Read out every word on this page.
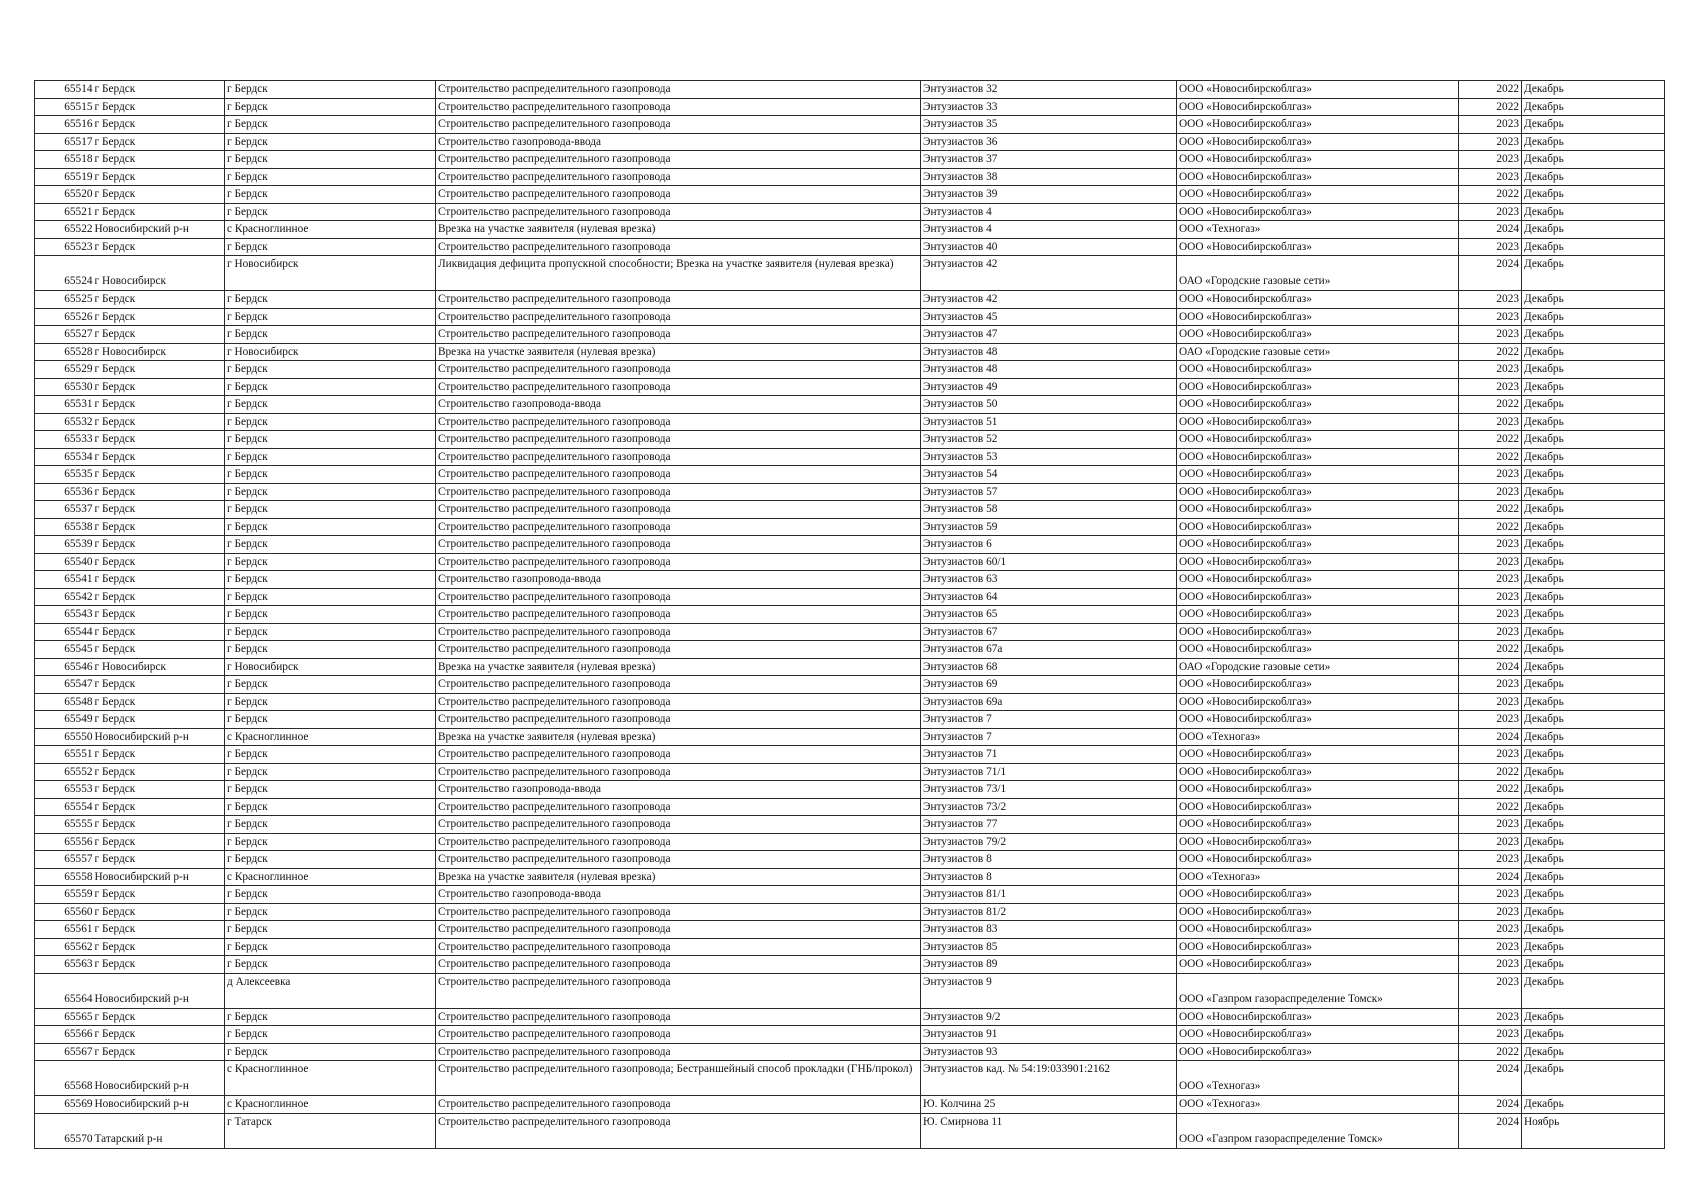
65514	г Бердск	г Бердск	Строительство распределительного газопровода	Энтузиастов 32	ООО «Новосибирскоблгаз»	2022	Декабрь
65515	г Бердск	г Бердск	Строительство распределительного газопровода	Энтузиастов 33	ООО «Новосибирскоблгаз»	2022	Декабрь
65516	г Бердск	г Бердск	Строительство распределительного газопровода	Энтузиастов 35	ООО «Новосибирскоблгаз»	2023	Декабрь
65517	г Бердск	г Бердск	Строительство газопровода-ввода	Энтузиастов 36	ООО «Новосибирскоблгаз»	2023	Декабрь
65518	г Бердск	г Бердск	Строительство распределительного газопровода	Энтузиастов 37	ООО «Новосибирскоблгаз»	2023	Декабрь
65519	г Бердск	г Бердск	Строительство распределительного газопровода	Энтузиастов 38	ООО «Новосибирскоблгаз»	2023	Декабрь
65520	г Бердск	г Бердск	Строительство распределительного газопровода	Энтузиастов 39	ООО «Новосибирскоблгаз»	2022	Декабрь
65521	г Бердск	г Бердск	Строительство распределительного газопровода	Энтузиастов 4	ООО «Новосибирскоблгаз»	2023	Декабрь
65522	Новосибирский р-н	с Красноглинное	Врезка на участке заявителя (нулевая врезка)	Энтузиастов 4	ООО «Техногаз»	2024	Декабрь
65523	г Бердск	г Бердск	Строительство распределительного газопровода	Энтузиастов 40	ООО «Новосибирскоблгаз»	2023	Декабрь
65524	г Новосибирск	г Новосибирск	Ликвидация дефицита пропускной способности; Врезка на участке заявителя (нулевая врезка)	Энтузиастов 42	ОАО «Городские газовые сети»	2024	Декабрь
65525	г Бердск	г Бердск	Строительство распределительного газопровода	Энтузиастов 42	ООО «Новосибирскоблгаз»	2023	Декабрь
65526	г Бердск	г Бердск	Строительство распределительного газопровода	Энтузиастов 45	ООО «Новосибирскоблгаз»	2023	Декабрь
65527	г Бердск	г Бердск	Строительство распределительного газопровода	Энтузиастов 47	ООО «Новосибирскоблгаз»	2023	Декабрь
65528	г Новосибирск	г Новосибирск	Врезка на участке заявителя (нулевая врезка)	Энтузиастов 48	ОАО «Городские газовые сети»	2022	Декабрь
65529	г Бердск	г Бердск	Строительство распределительного газопровода	Энтузиастов 48	ООО «Новосибирскоблгаз»	2023	Декабрь
65530	г Бердск	г Бердск	Строительство распределительного газопровода	Энтузиастов 49	ООО «Новосибирскоблгаз»	2023	Декабрь
65531	г Бердск	г Бердск	Строительство газопровода-ввода	Энтузиастов 50	ООО «Новосибирскоблгаз»	2022	Декабрь
65532	г Бердск	г Бердск	Строительство распределительного газопровода	Энтузиастов 51	ООО «Новосибирскоблгаз»	2023	Декабрь
65533	г Бердск	г Бердск	Строительство распределительного газопровода	Энтузиастов 52	ООО «Новосибирскоблгаз»	2022	Декабрь
65534	г Бердск	г Бердск	Строительство распределительного газопровода	Энтузиастов 53	ООО «Новосибирскоблгаз»	2022	Декабрь
65535	г Бердск	г Бердск	Строительство распределительного газопровода	Энтузиастов 54	ООО «Новосибирскоблгаз»	2023	Декабрь
65536	г Бердск	г Бердск	Строительство распределительного газопровода	Энтузиастов 57	ООО «Новосибирскоблгаз»	2023	Декабрь
65537	г Бердск	г Бердск	Строительство распределительного газопровода	Энтузиастов 58	ООО «Новосибирскоблгаз»	2022	Декабрь
65538	г Бердск	г Бердск	Строительство распределительного газопровода	Энтузиастов 59	ООО «Новосибирскоблгаз»	2022	Декабрь
65539	г Бердск	г Бердск	Строительство распределительного газопровода	Энтузиастов 6	ООО «Новосибирскоблгаз»	2023	Декабрь
65540	г Бердск	г Бердск	Строительство распределительного газопровода	Энтузиастов 60/1	ООО «Новосибирскоблгаз»	2023	Декабрь
65541	г Бердск	г Бердск	Строительство газопровода-ввода	Энтузиастов 63	ООО «Новосибирскоблгаз»	2023	Декабрь
65542	г Бердск	г Бердск	Строительство распределительного газопровода	Энтузиастов 64	ООО «Новосибирскоблгаз»	2023	Декабрь
65543	г Бердск	г Бердск	Строительство распределительного газопровода	Энтузиастов 65	ООО «Новосибирскоблгаз»	2023	Декабрь
65544	г Бердск	г Бердск	Строительство распределительного газопровода	Энтузиастов 67	ООО «Новосибирскоблгаз»	2023	Декабрь
65545	г Бердск	г Бердск	Строительство распределительного газопровода	Энтузиастов 67а	ООО «Новосибирскоблгаз»	2022	Декабрь
65546	г Новосибирск	г Новосибирск	Врезка на участке заявителя (нулевая врезка)	Энтузиастов 68	ОАО «Городские газовые сети»	2024	Декабрь
65547	г Бердск	г Бердск	Строительство распределительного газопровода	Энтузиастов 69	ООО «Новосибирскоблгаз»	2023	Декабрь
65548	г Бердск	г Бердск	Строительство распределительного газопровода	Энтузиастов 69а	ООО «Новосибирскоблгаз»	2023	Декабрь
65549	г Бердск	г Бердск	Строительство распределительного газопровода	Энтузиастов 7	ООО «Новосибирскоблгаз»	2023	Декабрь
65550	Новосибирский р-н	с Красноглинное	Врезка на участке заявителя (нулевая врезка)	Энтузиастов 7	ООО «Техногаз»	2024	Декабрь
65551	г Бердск	г Бердск	Строительство распределительного газопровода	Энтузиастов 71	ООО «Новосибирскоблгаз»	2023	Декабрь
65552	г Бердск	г Бердск	Строительство распределительного газопровода	Энтузиастов 71/1	ООО «Новосибирскоблгаз»	2022	Декабрь
65553	г Бердск	г Бердск	Строительство газопровода-ввода	Энтузиастов 73/1	ООО «Новосибирскоблгаз»	2022	Декабрь
65554	г Бердск	г Бердск	Строительство распределительного газопровода	Энтузиастов 73/2	ООО «Новосибирскоблгаз»	2022	Декабрь
65555	г Бердск	г Бердск	Строительство распределительного газопровода	Энтузиастов 77	ООО «Новосибирскоблгаз»	2023	Декабрь
65556	г Бердск	г Бердск	Строительство распределительного газопровода	Энтузиастов 79/2	ООО «Новосибирскоблгаз»	2023	Декабрь
65557	г Бердск	г Бердск	Строительство распределительного газопровода	Энтузиастов 8	ООО «Новосибирскоблгаз»	2023	Декабрь
65558	Новосибирский р-н	с Красноглинное	Врезка на участке заявителя (нулевая врезка)	Энтузиастов 8	ООО «Техногаз»	2024	Декабрь
65559	г Бердск	г Бердск	Строительство газопровода-ввода	Энтузиастов 81/1	ООО «Новосибирскоблгаз»	2023	Декабрь
65560	г Бердск	г Бердск	Строительство распределительного газопровода	Энтузиастов 81/2	ООО «Новосибирскоблгаз»	2023	Декабрь
65561	г Бердск	г Бердск	Строительство распределительного газопровода	Энтузиастов 83	ООО «Новосибирскоблгаз»	2023	Декабрь
65562	г Бердск	г Бердск	Строительство распределительного газопровода	Энтузиастов 85	ООО «Новосибирскоблгаз»	2023	Декабрь
65563	г Бердск	г Бердск	Строительство распределительного газопровода	Энтузиастов 89	ООО «Новосибирскоблгаз»	2023	Декабрь
65564	Новосибирский р-н	д Алексеевка	Строительство распределительного газопровода	Энтузиастов 9	ООО «Газпром газораспределение Томск»	2023	Декабрь
65565	г Бердск	г Бердск	Строительство распределительного газопровода	Энтузиастов 9/2	ООО «Новосибирскоблгаз»	2023	Декабрь
65566	г Бердск	г Бердск	Строительство распределительного газопровода	Энтузиастов 91	ООО «Новосибирскоблгаз»	2023	Декабрь
65567	г Бердск	г Бердск	Строительство распределительного газопровода	Энтузиастов 93	ООО «Новосибирскоблгаз»	2022	Декабрь
65568	Новосибирский р-н	с Красноглинное	Строительство распределительного газопровода; Бестраншейный способ прокладки (ГНБ/прокол)	Энтузиастов кад. № 54:19:033901:2162	ООО «Техногаз»	2024	Декабрь
65569	Новосибирский р-н	с Красноглинное	Строительство распределительного газопровода	Ю. Колчина 25	ООО «Техногаз»	2024	Декабрь
65570	Татарский р-н	г Татарск	Строительство распределительного газопровода	Ю. Смирнова 11	ООО «Газпром газораспределение Томск»	2024	Ноябрь
